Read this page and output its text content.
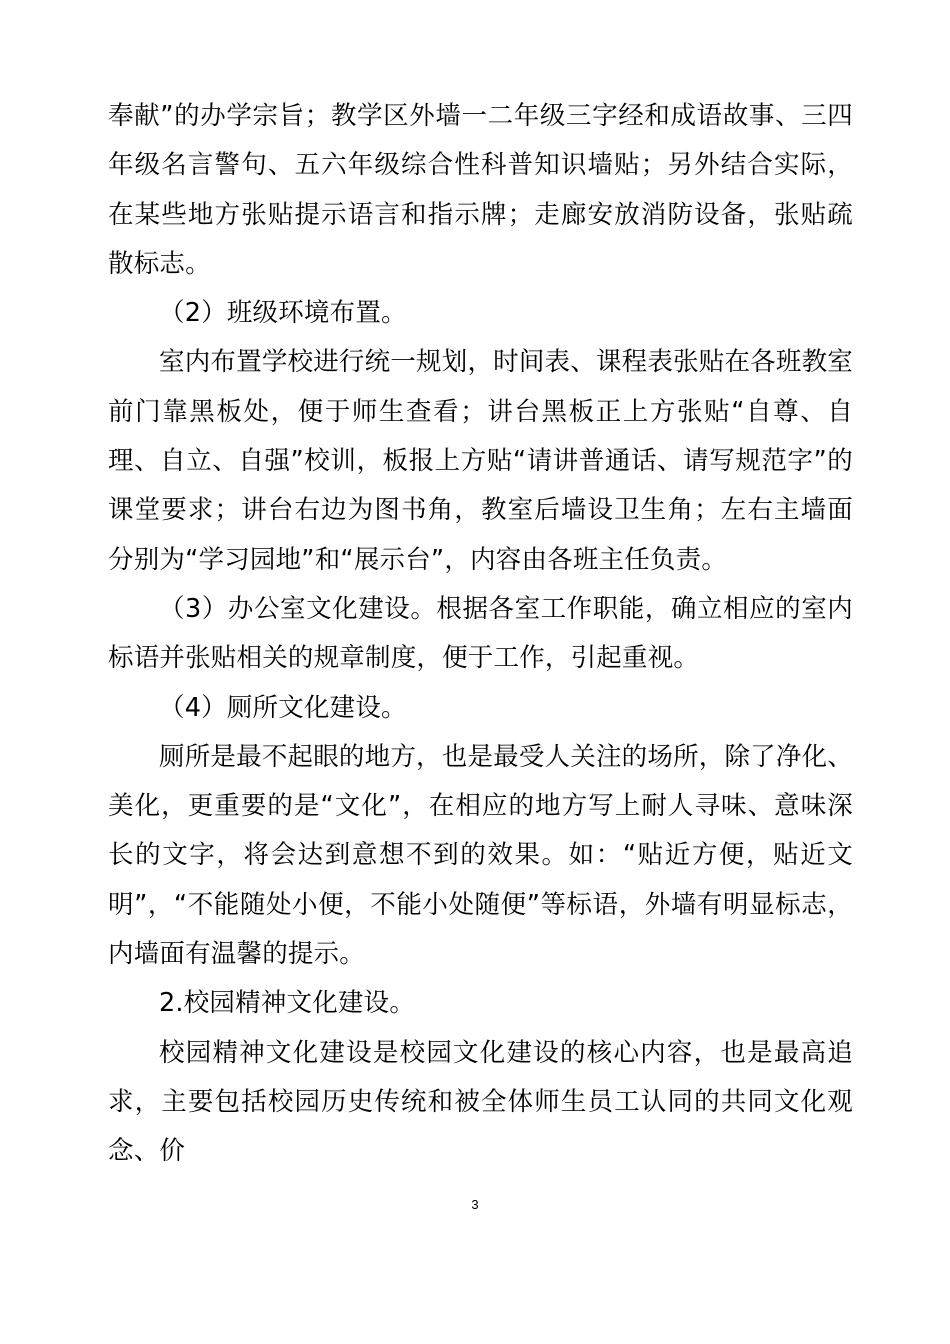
奉献”的办学宗旨；教学区外墙一二年级三字经和成语故事、三四年级名言警句、五六年级综合性科普知识墙贴；另外结合实际，在某些地方张贴提示语言和指示牌；走廊安放消防设备，张贴疏散标志。

（2）班级环境布置。

室内布置学校进行统一规划，时间表、课程表张贴在各班教室前门靠黑板处，便于师生查看；讲台黑板正上方张贴“自尊、自理、自立、自强”校训，板报上方贴“请讲普通话、请写规范字”的课堂要求；讲台右边为图书角，教室后墙设卫生角；左右主墙面分别为“学习园地”和“展示台”，内容由各班主任负责。

（3）办公室文化建设。根据各室工作职能，确立相应的室内标语并张贴相关的规章制度，便于工作，引起重视。

（4）厕所文化建设。

厕所是最不起眼的地方，也是最受人关注的场所，除了净化、美化，更重要的是“文化”，在相应的地方写上耐人寻味、意味深长的文字，将会达到意想不到的效果。如：“贴近方便，贴近文明”，“不能随处小便，不能小处随便”等标语，外墙有明显标志，内墙面有温馨的提示。

2.校园精神文化建设。

校园精神文化建设是校园文化建设的核心内容，也是最高追求，主要包括校园历史传统和被全体师生员工认同的共同文化观念、价

3
